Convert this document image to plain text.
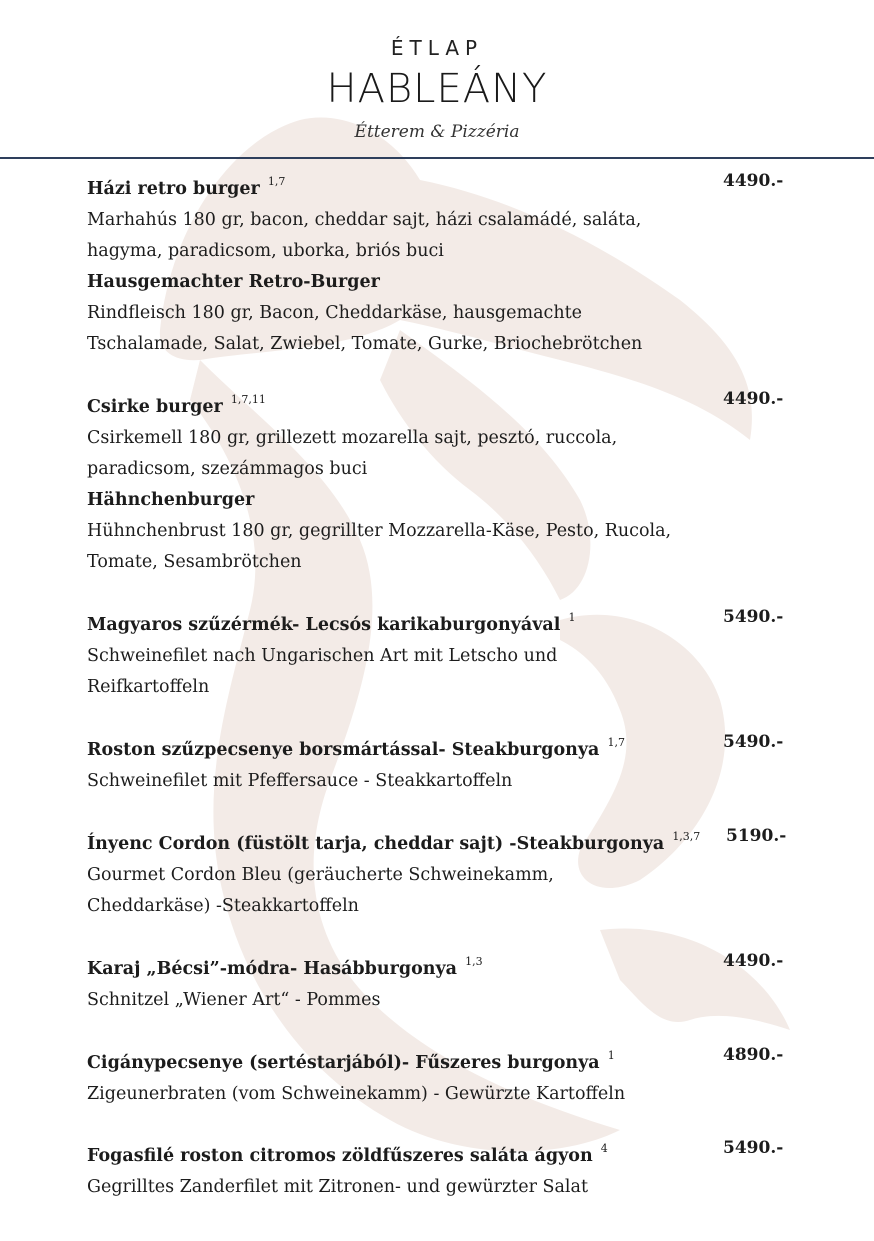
ÉTLAP
HABLEÁNY
Étterem & Pizzéria
Házi retro burger $^{1,7}$	4490.-
Marhahús 180 gr, bacon, cheddar sajt, házi csalamádé, saláta,
hagyma, paradicsom, uborka, briós buci
Hausgemachter Retro-Burger
Rindfleisch 180 gr, Bacon, Cheddarkäse, hausgemachte
Tschalamade, Salat, Zwiebel, Tomate, Gurke, Briochebrötchen
Csirke burger $^{1,7,11}$	4490.-
Csirkemell 180 gr, grillezett mozarella sajt, pesztó, ruccola,
paradicsom, szezámmagos buci
Hähnchenburger
Hühnchenbrust 180 gr, gegrillter Mozzarella-Käse, Pesto, Rucola,
Tomate, Sesambrötchen
Magyaros szűzérmék- Lecsós karikaburgonyával $^1$	5490.-
Schweinefilet nach Ungarischen Art mit Letscho und
Reifkartoffeln
Roston szűzpecsenye borsmártással- Steakburgonya $^{1,7}$	5490.-
Schweinefilet mit Pfeffersauce - Steakkartoffeln
Ínyenc Cordon (füstölt tarja, cheddar sajt) -Steakburgonya $^{1,3,7}$	5190.-
Gourmet Cordon Bleu (geräucherte Schweinekamm,
Cheddarkäse) -Steakkartoffeln
Karaj „Bécsi”-módra- Hasábburgonya $^{1,3}$	4490.-
Schnitzel „Wiener Art“ - Pommes
Cigánypecsenye (sertéstarjából)- Fűszeres burgonya $^1$	4890.-
Zigeunerbraten (vom Schweinekamm) - Gewürzte Kartoffeln
Fogasfilé roston citromos zöldfűszeres saláta ágyon $^4$	5490.-
Gegrilltes Zanderfilet mit Zitronen- und gewürzter Salat
